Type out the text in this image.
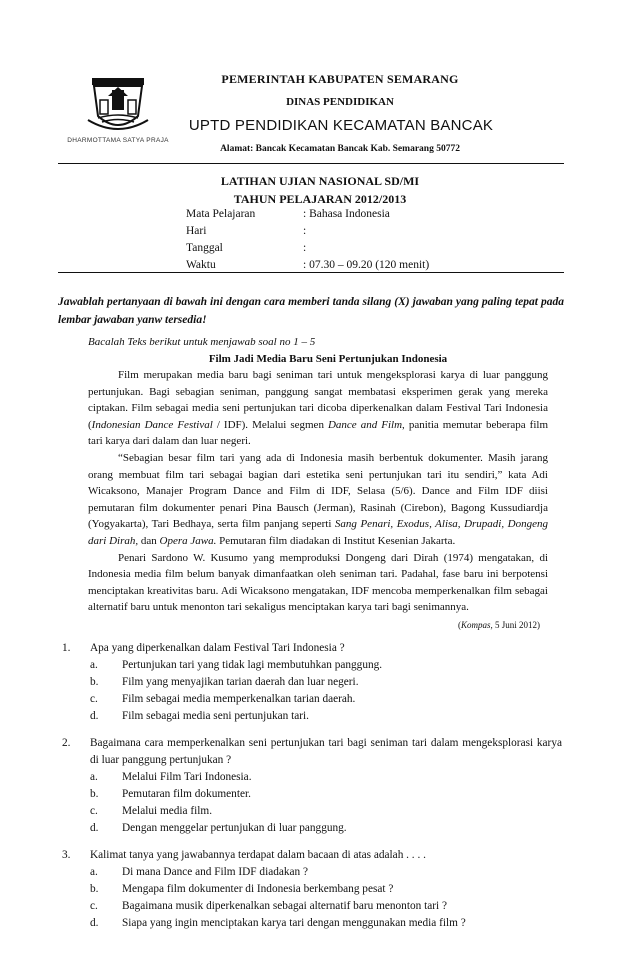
DHARMOTTAMA SATYA PRAJA
PEMERINTAH KABUPATEN SEMARANG
DINAS PENDIDIKAN
UPTD PENDIDIKAN KECAMATAN BANCAK
Alamat: Bancak Kecamatan Bancak Kab. Semarang 50772
LATIHAN UJIAN NASIONAL SD/MI
TAHUN PELAJARAN 2012/2013
Mata Pelajaran	: Bahasa Indonesia
Hari	:
Tanggal	:
Waktu	: 07.30 – 09.20 (120 menit)
Jawablah pertanyaan di bawah ini dengan cara memberi tanda silang (X) jawaban yang paling tepat pada lembar jawaban yanw tersedia!
Bacalah Teks berikut untuk menjawab soal no 1 – 5
Film Jadi Media Baru Seni Pertunjukan Indonesia

Film merupakan media baru bagi seniman tari untuk mengeksplorasi karya di luar panggung pertunjukan. Bagi sebagian seniman, panggung sangat membatasi eksperimen gerak yang mereka ciptakan. Film sebagai media seni pertunjukan tari dicoba diperkenalkan dalam Festival Tari Indonesia (Indonesian Dance Festival / IDF). Melalui segmen Dance and Film, panitia memutar beberapa film tari karya dari dalam dan luar negeri.

“Sebagian besar film tari yang ada di Indonesia masih berbentuk dokumenter. Masih jarang orang membuat film tari sebagai bagian dari estetika seni pertunjukan tari itu sendiri,” kata Adi Wicaksono, Manajer Program Dance and Film di IDF, Selasa (5/6). Dance and Film IDF diisi pemutaran film dokumenter penari Pina Bausch (Jerman), Rasinah (Cirebon), Bagong Kussudiardja (Yogyakarta), Tari Bedhaya, serta film panjang seperti Sang Penari, Exodus, Alisa, Drupadi, Dongeng dari Dirah, dan Opera Jawa. Pemutaran film diadakan di Institut Kesenian Jakarta.

Penari Sardono W. Kusumo yang memproduksi Dongeng dari Dirah (1974) mengatakan, di Indonesia media film belum banyak dimanfaatkan oleh seniman tari. Padahal, fase baru ini berpotensi menciptakan kreativitas baru. Adi Wicaksono mengatakan, IDF mencoba memperkenalkan film sebagai alternatif baru untuk menonton tari sekaligus menciptakan karya tari bagi senimannya.

(Kompas, 5 Juni 2012)
1.	Apa yang diperkenalkan dalam Festival Tari Indonesia ?
a.	Pertunjukan tari yang tidak lagi membutuhkan panggung.
b.	Film yang menyajikan tarian daerah dan luar negeri.
c.	Film sebagai media memperkenalkan tarian daerah.
d.	Film sebagai media seni pertunjukan tari.
2.	Bagaimana cara memperkenalkan seni pertunjukan tari bagi seniman tari dalam mengeksplorasi karya di luar panggung pertunjukan ?
a.	Melalui Film Tari Indonesia.
b.	Pemutaran film dokumenter.
c.	Melalui media film.
d.	Dengan menggelar pertunjukan di luar panggung.
3.	Kalimat tanya yang jawabannya terdapat dalam bacaan di atas adalah . . . .
a.	Di mana Dance and Film IDF diadakan ?
b.	Mengapa film dokumenter di Indonesia berkembang pesat ?
c.	Bagaimana musik diperkenalkan sebagai alternatif baru menonton tari ?
d.	Siapa yang ingin menciptakan karya tari dengan menggunakan media film ?
